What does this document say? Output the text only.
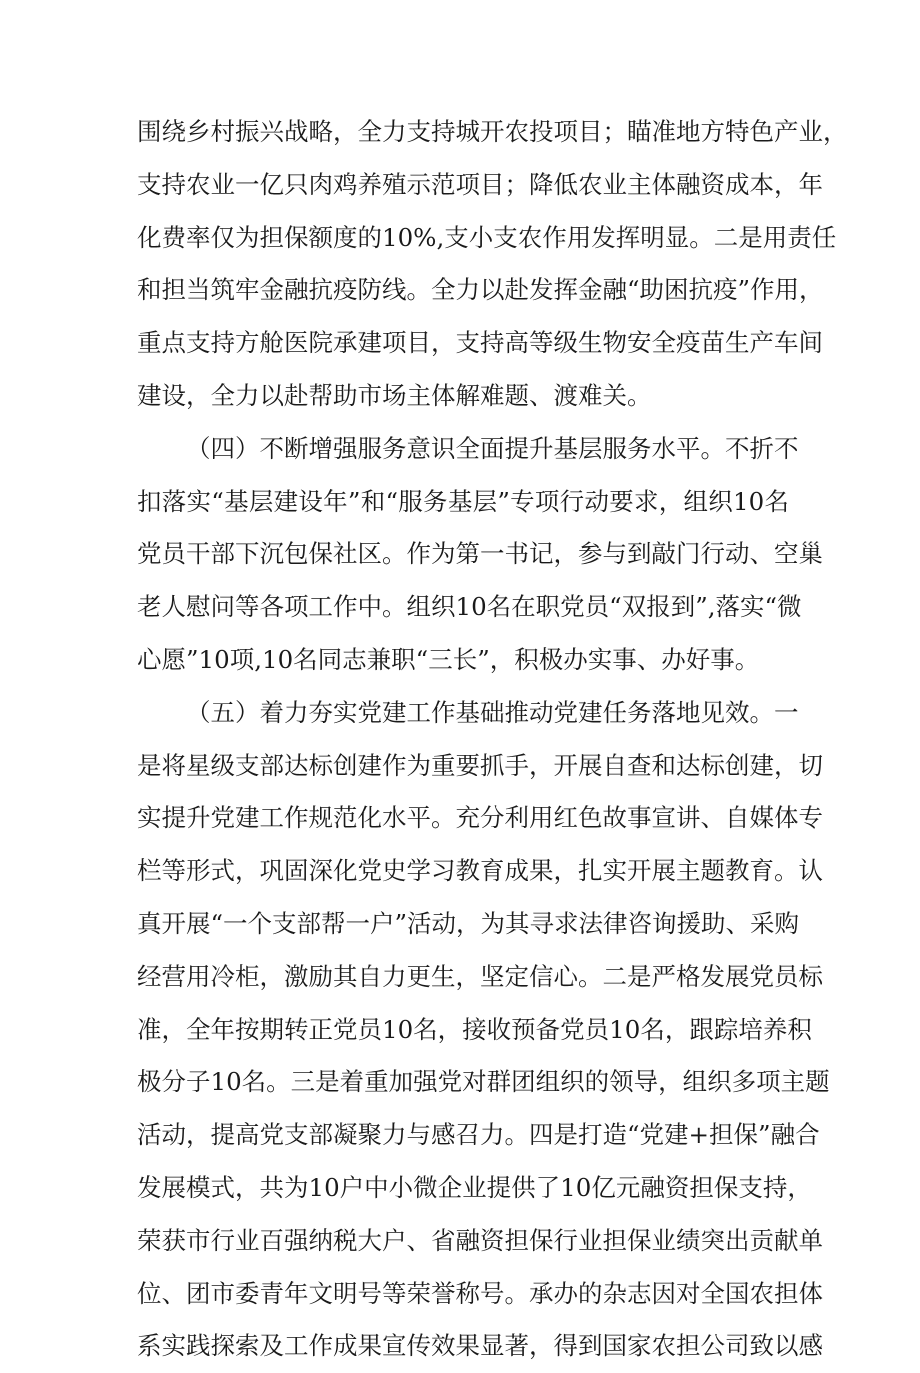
围绕乡村振兴战略，全力支持城开农投项目；瞄准地方特色产业，
支持农业一亿只肉鸡养殖示范项目；降低农业主体融资成本，年
化费率仅为担保额度的10%,支小支农作用发挥明显。二是用责任
和担当筑牢金融抗疫防线。全力以赴发挥金融“助困抗疫”作用，
重点支持方舱医院承建项目，支持高等级生物安全疫苗生产车间
建设，全力以赴帮助市场主体解难题、渡难关。
（四）不断增强服务意识全面提升基层服务水平。不折不
扣落实“基层建设年”和“服务基层”专项行动要求，组织10名
党员干部下沉包保社区。作为第一书记，参与到敲门行动、空巢
老人慰问等各项工作中。组织10名在职党员“双报到”,落实“微
心愿”10项,10名同志兼职“三长”，积极办实事、办好事。
（五）着力夯实党建工作基础推动党建任务落地见效。一
是将星级支部达标创建作为重要抓手，开展自查和达标创建，切
实提升党建工作规范化水平。充分利用红色故事宣讲、自媒体专
栏等形式，巩固深化党史学习教育成果，扎实开展主题教育。认
真开展“一个支部帮一户”活动，为其寻求法律咨询援助、采购
经营用冷柜，激励其自力更生，坚定信心。二是严格发展党员标
准，全年按期转正党员10名，接收预备党员10名，跟踪培养积
极分子10名。三是着重加强党对群团组织的领导，组织多项主题
活动，提高党支部凝聚力与感召力。四是打造“党建+担保”融合
发展模式，共为10户中小微企业提供了10亿元融资担保支持，
荣获市行业百强纳税大户、省融资担保行业担保业绩突出贡献单
位、团市委青年文明号等荣誉称号。承办的杂志因对全国农担体
系实践探索及工作成果宣传效果显著，得到国家农担公司致以感
